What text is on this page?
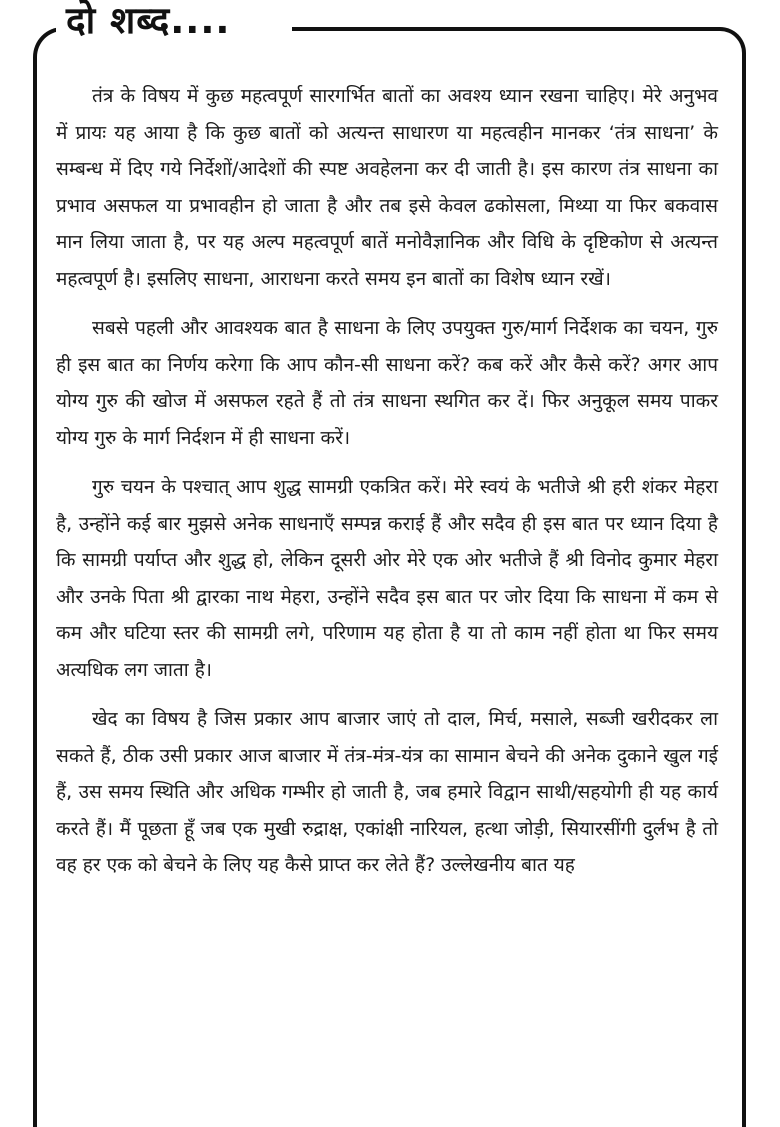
दो शब्द....

तंत्र के विषय में कुछ महत्वपूर्ण सारगर्भित बातों का अवश्य ध्यान रखना चाहिए। मेरे अनुभव में प्रायः यह आया है कि कुछ बातों को अत्यन्त साधारण या महत्वहीन मानकर ‘तंत्र साधना’ के सम्बन्ध में दिए गये निर्देशों/आदेशों की स्पष्ट अवहेलना कर दी जाती है। इस कारण तंत्र साधना का प्रभाव असफल या प्रभावहीन हो जाता है और तब इसे केवल ढकोसला, मिथ्या या फिर बकवास मान लिया जाता है, पर यह अल्प महत्वपूर्ण बातें मनोवैज्ञानिक और विधि के दृष्टिकोण से अत्यन्त महत्वपूर्ण है। इसलिए साधना, आराधना करते समय इन बातों का विशेष ध्यान रखें।

सबसे पहली और आवश्यक बात है साधना के लिए उपयुक्त गुरु/मार्ग निर्देशक का चयन, गुरु ही इस बात का निर्णय करेगा कि आप कौन-सी साधना करें? कब करें और कैसे करें? अगर आप योग्य गुरु की खोज में असफल रहते हैं तो तंत्र साधना स्थगित कर दें। फिर अनुकूल समय पाकर योग्य गुरु के मार्ग निर्दशन में ही साधना करें।

गुरु चयन के पश्चात् आप शुद्ध सामग्री एकत्रित करें। मेरे स्वयं के भतीजे श्री हरी शंकर मेहरा है, उन्होंने कई बार मुझसे अनेक साधनाएँ सम्पन्न कराई हैं और सदैव ही इस बात पर ध्यान दिया है कि सामग्री पर्याप्त और शुद्ध हो, लेकिन दूसरी ओर मेरे एक ओर भतीजे हैं श्री विनोद कुमार मेहरा और उनके पिता श्री द्वारका नाथ मेहरा, उन्होंने सदैव इस बात पर जोर दिया कि साधना में कम से कम और घटिया स्तर की सामग्री लगे, परिणाम यह होता है या तो काम नहीं होता था फिर समय अत्यधिक लग जाता है।

खेद का विषय है जिस प्रकार आप बाजार जाएं तो दाल, मिर्च, मसाले, सब्जी खरीदकर ला सकते हैं, ठीक उसी प्रकार आज बाजार में तंत्र-मंत्र-यंत्र का सामान बेचने की अनेक दुकाने खुल गई हैं, उस समय स्थिति और अधिक गम्भीर हो जाती है, जब हमारे विद्वान साथी/सहयोगी ही यह कार्य करते हैं। मैं पूछता हूँ जब एक मुखी रुद्राक्ष, एकांक्षी नारियल, हत्था जोड़ी, सियारसींगी दुर्लभ है तो वह हर एक को बेचने के लिए यह कैसे प्राप्त कर लेते हैं? उल्लेखनीय बात यह
